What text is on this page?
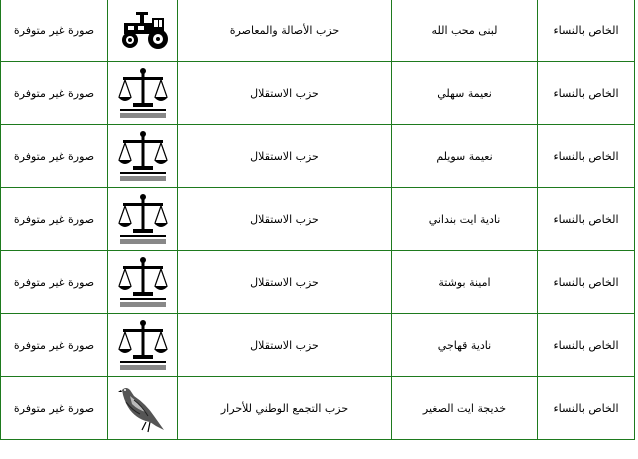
صورة غير متوفرة		حزب الأصالة والمعاصرة	لبنى محب الله	الخاص بالنساء
صورة غير متوفرة		حزب الاستقلال	نعيمة سهلي	الخاص بالنساء
صورة غير متوفرة		حزب الاستقلال	نعيمة سويلم	الخاص بالنساء
صورة غير متوفرة		حزب الاستقلال	نادية ايت بنداني	الخاص بالنساء
صورة غير متوفرة		حزب الاستقلال	امينة بوشتة	الخاص بالنساء
صورة غير متوفرة		حزب الاستقلال	نادية قهاجي	الخاص بالنساء
صورة غير متوفرة		حزب التجمع الوطني للأحرار	خديجة ايت الصغير	الخاص بالنساء
